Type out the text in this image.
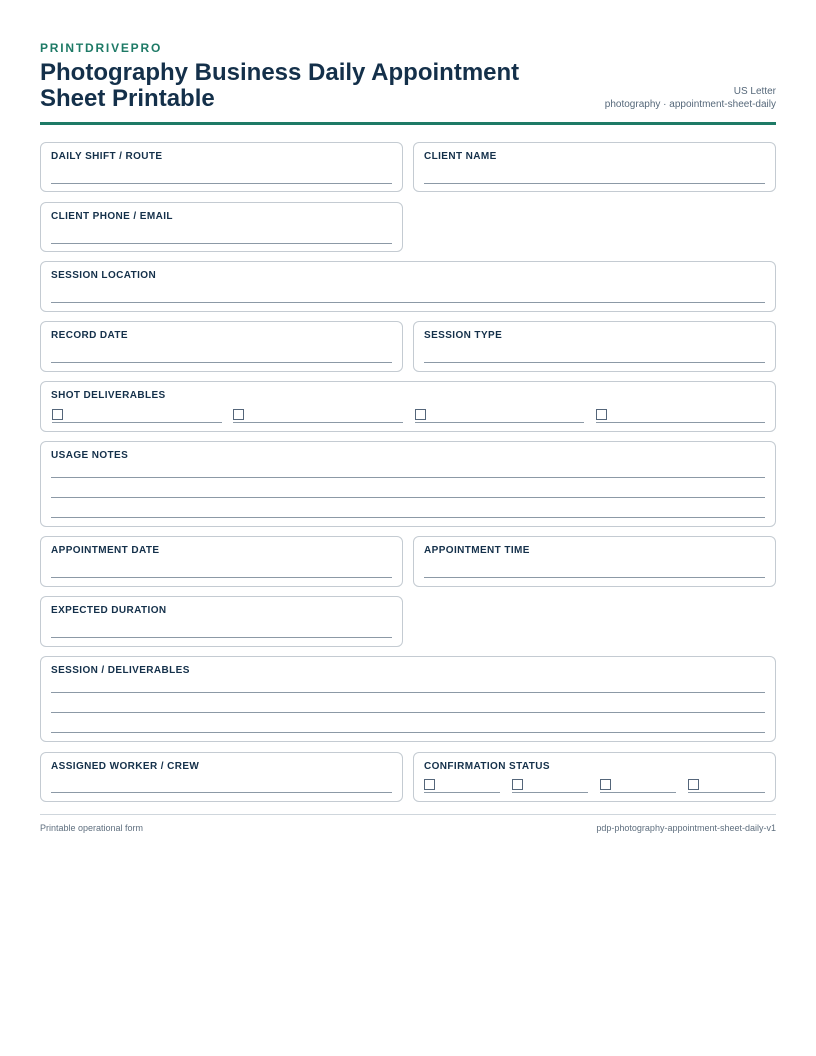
PRINTDRIVEPRO
Photography Business Daily Appointment Sheet Printable	US Letter
photography · appointment-sheet-daily
DAILY SHIFT / ROUTE	CLIENT NAME
CLIENT PHONE / EMAIL
SESSION LOCATION
RECORD DATE	SESSION TYPE
SHOT DELIVERABLES
USAGE NOTES
APPOINTMENT DATE	APPOINTMENT TIME
EXPECTED DURATION
SESSION / DELIVERABLES
ASSIGNED WORKER / CREW	CONFIRMATION STATUS
Printable operational form	pdp-photography-appointment-sheet-daily-v1
